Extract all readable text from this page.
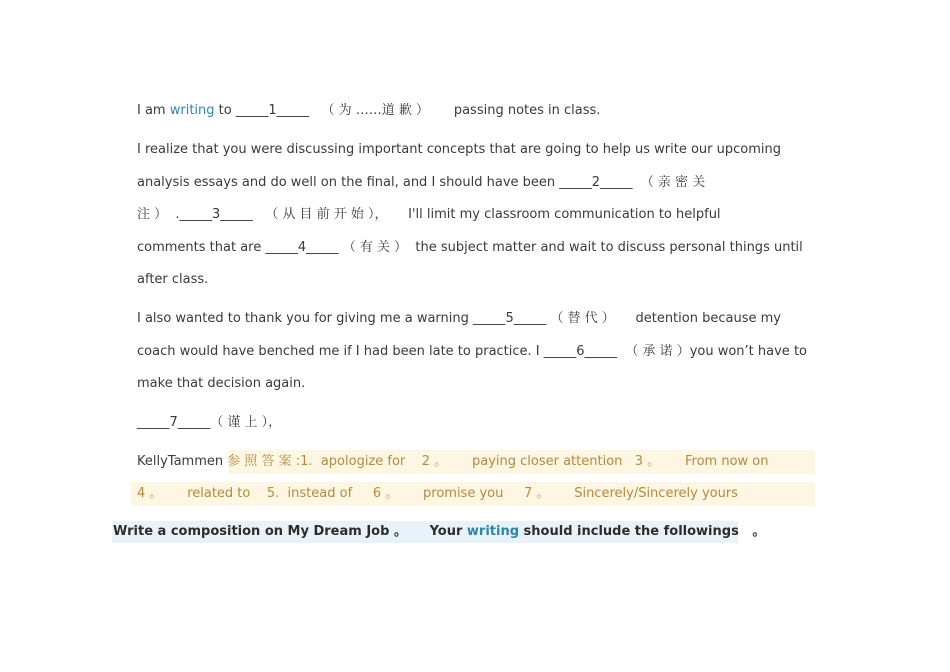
I am writing to _____1_____   （ 为 ……道 歉 ）      passing notes in class.
I realize that you were discussing important concepts that are going to help us write our upcoming
analysis essays and do well on the final, and I should have been _____2_____  （ 亲 密 关
注 ）  ._____3_____   （ 从 目 前 开 始 ），     I'll limit my classroom communication to helpful
comments that are _____4_____ （ 有 关 ）  the subject matter and wait to discuss personal things until
after class.
I also wanted to thank you for giving me a warning _____5_____ （ 替 代 ）     detention because my
coach would have benched me if I had been late to practice. I _____6_____  （ 承 诺 ）you won’t have to
make that decision again.
_____7_____（ 谨 上 ），
KellyTammen 参 照 答 案 :1.  apologize for    2 。      paying closer attention   3 。      From now on
4 。      related to    5.  instead of     6 。      promise you     7 。      Sincerely/Sincerely yours
Write a composition on My Dream Job 。     Your writing should include the followings   。
